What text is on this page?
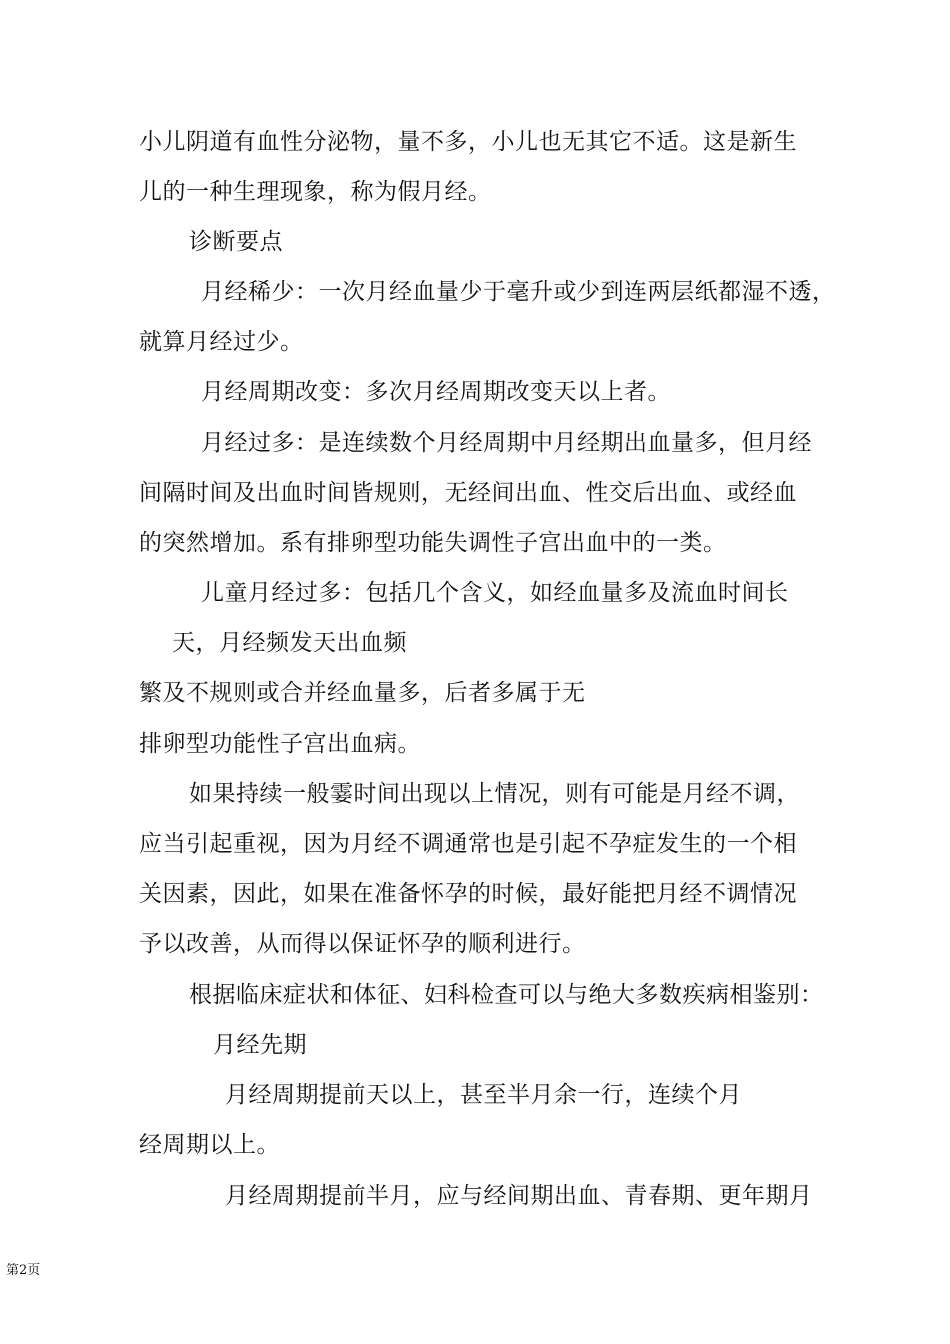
小儿阴道有血性分泌物，量不多，小儿也无其它不适。这是新生
儿的一种生理现象，称为假月经。
诊断要点
月经稀少：一次月经血量少于毫升或少到连两层纸都湿不透，
就算月经过少。
月经周期改变：多次月经周期改变天以上者。
月经过多：是连续数个月经周期中月经期出血量多，但月经
间隔时间及出血时间皆规则，无经间出血、性交后出血、或经血
的突然增加。系有排卵型功能失调性子宫出血中的一类。
儿童月经过多：包括几个含义，如经血量多及流血时间长
天，月经频发天出血频
繁及不规则或合并经血量多，后者多属于无
排卵型功能性子宫出血病。
如果持续一般霎时间出现以上情况，则有可能是月经不调，
应当引起重视，因为月经不调通常也是引起不孕症发生的一个相
关因素，因此，如果在准备怀孕的时候，最好能把月经不调情况
予以改善，从而得以保证怀孕的顺利进行。
根据临床症状和体征、妇科检查可以与绝大多数疾病相鉴别：
月经先期
月经周期提前天以上，甚至半月余一行，连续个月
经周期以上。
月经周期提前半月，应与经间期出血、青春期、更年期月
第2页
